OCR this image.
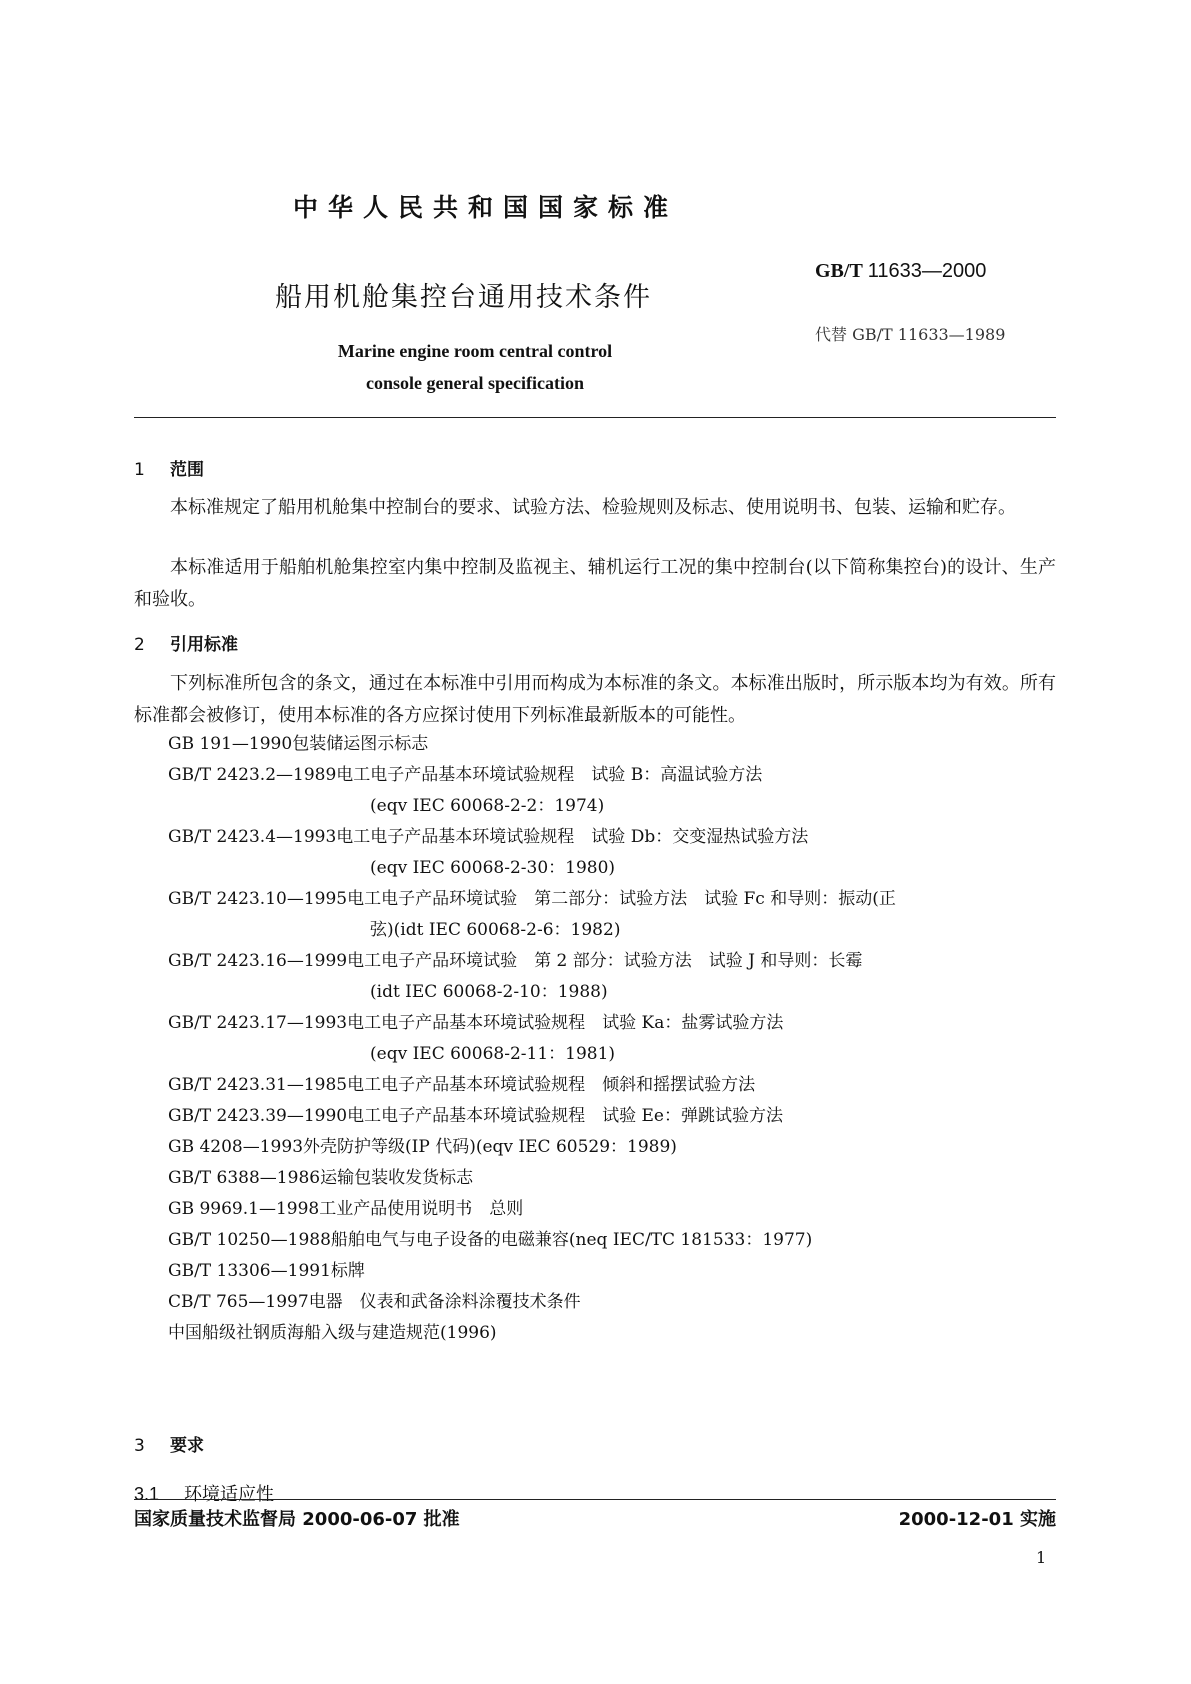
中华人民共和国国家标准
船用机舱集控台通用技术条件
GB/T 11633—2000
代替 GB/T 11633—1989
Marine engine room central control
console general specification
1 范围

本标准规定了船用机舱集中控制台的要求、试验方法、检验规则及标志、使用说明书、包装、运输和贮存。

本标准适用于船舶机舱集控室内集中控制及监视主、辅机运行工况的集中控制台(以下简称集控台)的设计、生产和验收。

2 引用标准

下列标准所包含的条文，通过在本标准中引用而构成为本标准的条文。本标准出版时，所示版本均为有效。所有标准都会被修订，使用本标准的各方应探讨使用下列标准最新版本的可能性。

GB 191—1990包装储运图示标志
GB/T 2423.2—1989电工电子产品基本环境试验规程　试验 B：高温试验方法
(eqv IEC 60068-2-2：1974)
GB/T 2423.4—1993电工电子产品基本环境试验规程　试验 Db：交变湿热试验方法
(eqv IEC 60068-2-30：1980)
GB/T 2423.10—1995电工电子产品环境试验　第二部分：试验方法　试验 Fc 和导则：振动(正
弦)(idt IEC 60068-2-6：1982)
GB/T 2423.16—1999电工电子产品环境试验　第 2 部分：试验方法　试验 J 和导则：长霉
(idt IEC 60068-2-10：1988)
GB/T 2423.17—1993电工电子产品基本环境试验规程　试验 Ka：盐雾试验方法
(eqv IEC 60068-2-11：1981)
GB/T 2423.31—1985电工电子产品基本环境试验规程　倾斜和摇摆试验方法
GB/T 2423.39—1990电工电子产品基本环境试验规程　试验 Ee：弹跳试验方法
GB 4208—1993外壳防护等级(IP 代码)(eqv IEC 60529：1989)
GB/T 6388—1986运输包装收发货标志
GB 9969.1—1998工业产品使用说明书　总则
GB/T 10250—1988船舶电气与电子设备的电磁兼容(neq IEC/TC 181533：1977)
GB/T 13306—1991标牌
CB/T 765—1997电器　仪表和武备涂料涂覆技术条件
中国船级社钢质海船入级与建造规范(1996)
3 要求
3.1 环境适应性
国家质量技术监督局 2000-06-07 批准	2000-12-01 实施
1
